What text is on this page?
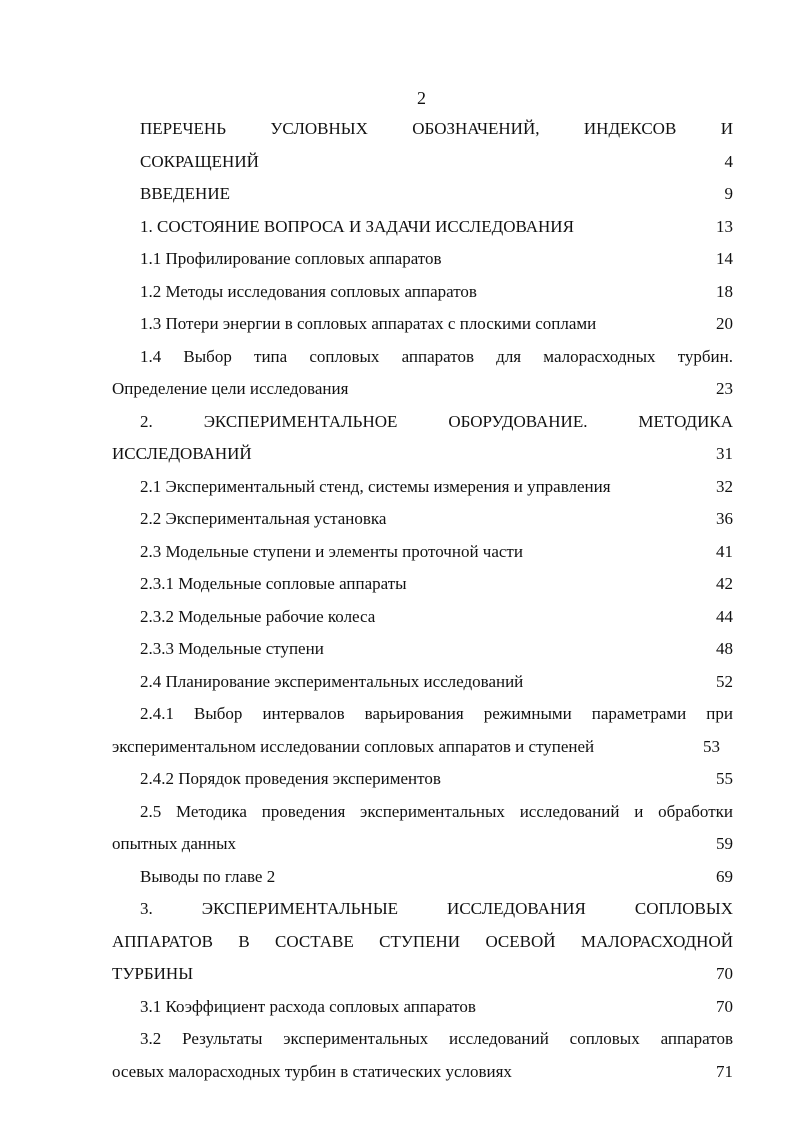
2
ПЕРЕЧЕНЬ УСЛОВНЫХ ОБОЗНАЧЕНИЙ, ИНДЕКСОВ И
СОКРАЩЕНИЙ	4
ВВЕДЕНИЕ	9
1. СОСТОЯНИЕ ВОПРОСА И ЗАДАЧИ ИССЛЕДОВАНИЯ	13
1.1 Профилирование сопловых аппаратов	14
1.2 Методы исследования сопловых аппаратов	18
1.3 Потери энергии в сопловых аппаратах с плоскими соплами	20
1.4 Выбор типа сопловых аппаратов для малорасходных турбин.
Определение цели исследования	23
2. ЭКСПЕРИМЕНТАЛЬНОЕ ОБОРУДОВАНИЕ. МЕТОДИКА
ИССЛЕДОВАНИЙ	31
2.1 Экспериментальный стенд, системы измерения и управления	32
2.2 Экспериментальная установка	36
2.3 Модельные ступени и элементы проточной части	41
2.3.1 Модельные сопловые аппараты	42
2.3.2 Модельные рабочие колеса	44
2.3.3 Модельные ступени	48
2.4 Планирование экспериментальных исследований	52
2.4.1 Выбор интервалов варьирования режимными параметрами при
экспериментальном исследовании сопловых аппаратов и ступеней	53
2.4.2 Порядок проведения экспериментов	55
2.5 Методика проведения экспериментальных исследований и обработки
опытных данных	59
Выводы по главе 2	69
3. ЭКСПЕРИМЕНТАЛЬНЫЕ ИССЛЕДОВАНИЯ СОПЛОВЫХ
АППАРАТОВ В СОСТАВЕ СТУПЕНИ ОСЕВОЙ МАЛОРАСХОДНОЙ
ТУРБИНЫ	70
3.1 Коэффициент расхода сопловых аппаратов	70
3.2 Результаты экспериментальных исследований сопловых аппаратов
осевых малорасходных турбин в статических условиях	71
